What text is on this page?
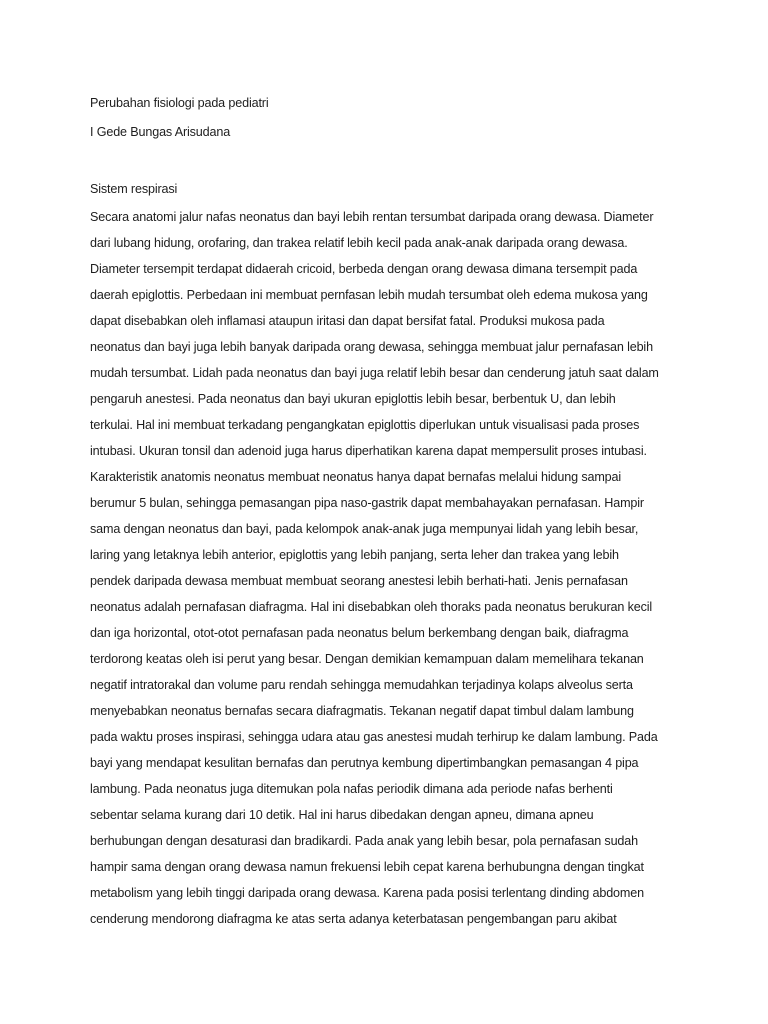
Perubahan fisiologi pada pediatri

I Gede Bungas Arisudana

Sistem respirasi

Secara anatomi jalur nafas neonatus dan bayi lebih rentan tersumbat daripada orang dewasa. Diameter

dari lubang hidung, orofaring, dan trakea relatif lebih kecil pada anak-anak daripada orang dewasa.

Diameter tersempit terdapat didaerah cricoid, berbeda dengan orang dewasa dimana tersempit pada

daerah epiglottis. Perbedaan ini membuat pernfasan lebih mudah tersumbat oleh edema mukosa yang

dapat disebabkan oleh inflamasi ataupun iritasi dan dapat bersifat fatal. Produksi mukosa pada

neonatus dan bayi juga lebih banyak daripada orang dewasa, sehingga membuat jalur pernafasan lebih

mudah tersumbat. Lidah pada neonatus dan bayi juga relatif lebih besar dan cenderung jatuh saat dalam

pengaruh anestesi. Pada neonatus dan bayi ukuran epiglottis lebih besar, berbentuk U, dan lebih

terkulai. Hal ini membuat terkadang pengangkatan epiglottis diperlukan untuk visualisasi pada proses

intubasi. Ukuran tonsil dan adenoid juga harus diperhatikan karena dapat mempersulit proses intubasi.

Karakteristik anatomis neonatus membuat neonatus hanya dapat bernafas melalui hidung sampai

berumur 5 bulan, sehingga pemasangan pipa naso-gastrik dapat membahayakan pernafasan. Hampir

sama dengan neonatus dan bayi, pada kelompok anak-anak juga mempunyai lidah yang lebih besar,

laring yang letaknya lebih anterior, epiglottis yang lebih panjang, serta leher dan trakea yang lebih

pendek daripada dewasa membuat membuat seorang anestesi lebih berhati-hati. Jenis pernafasan

neonatus adalah pernafasan diafragma. Hal ini disebabkan oleh thoraks pada neonatus berukuran kecil

dan iga horizontal, otot-otot pernafasan pada neonatus belum berkembang dengan baik, diafragma

terdorong keatas oleh isi perut yang besar. Dengan demikian kemampuan dalam memelihara tekanan

negatif intratorakal dan volume paru rendah sehingga memudahkan terjadinya kolaps alveolus serta

menyebabkan neonatus bernafas secara diafragmatis. Tekanan negatif dapat timbul dalam lambung

pada waktu proses inspirasi, sehingga udara atau gas anestesi mudah terhirup ke dalam lambung. Pada

bayi yang mendapat kesulitan bernafas dan perutnya kembung dipertimbangkan pemasangan 4 pipa

lambung. Pada neonatus juga ditemukan pola nafas periodik dimana ada periode nafas berhenti

sebentar selama kurang dari 10 detik. Hal ini harus dibedakan dengan apneu, dimana apneu

berhubungan dengan desaturasi dan bradikardi. Pada anak yang lebih besar, pola pernafasan sudah

hampir sama dengan orang dewasa namun frekuensi lebih cepat karena berhubungna dengan tingkat

metabolism yang lebih tinggi daripada orang dewasa. Karena pada posisi terlentang dinding abdomen

cenderung mendorong diafragma ke atas serta adanya keterbatasan pengembangan paru akibat
